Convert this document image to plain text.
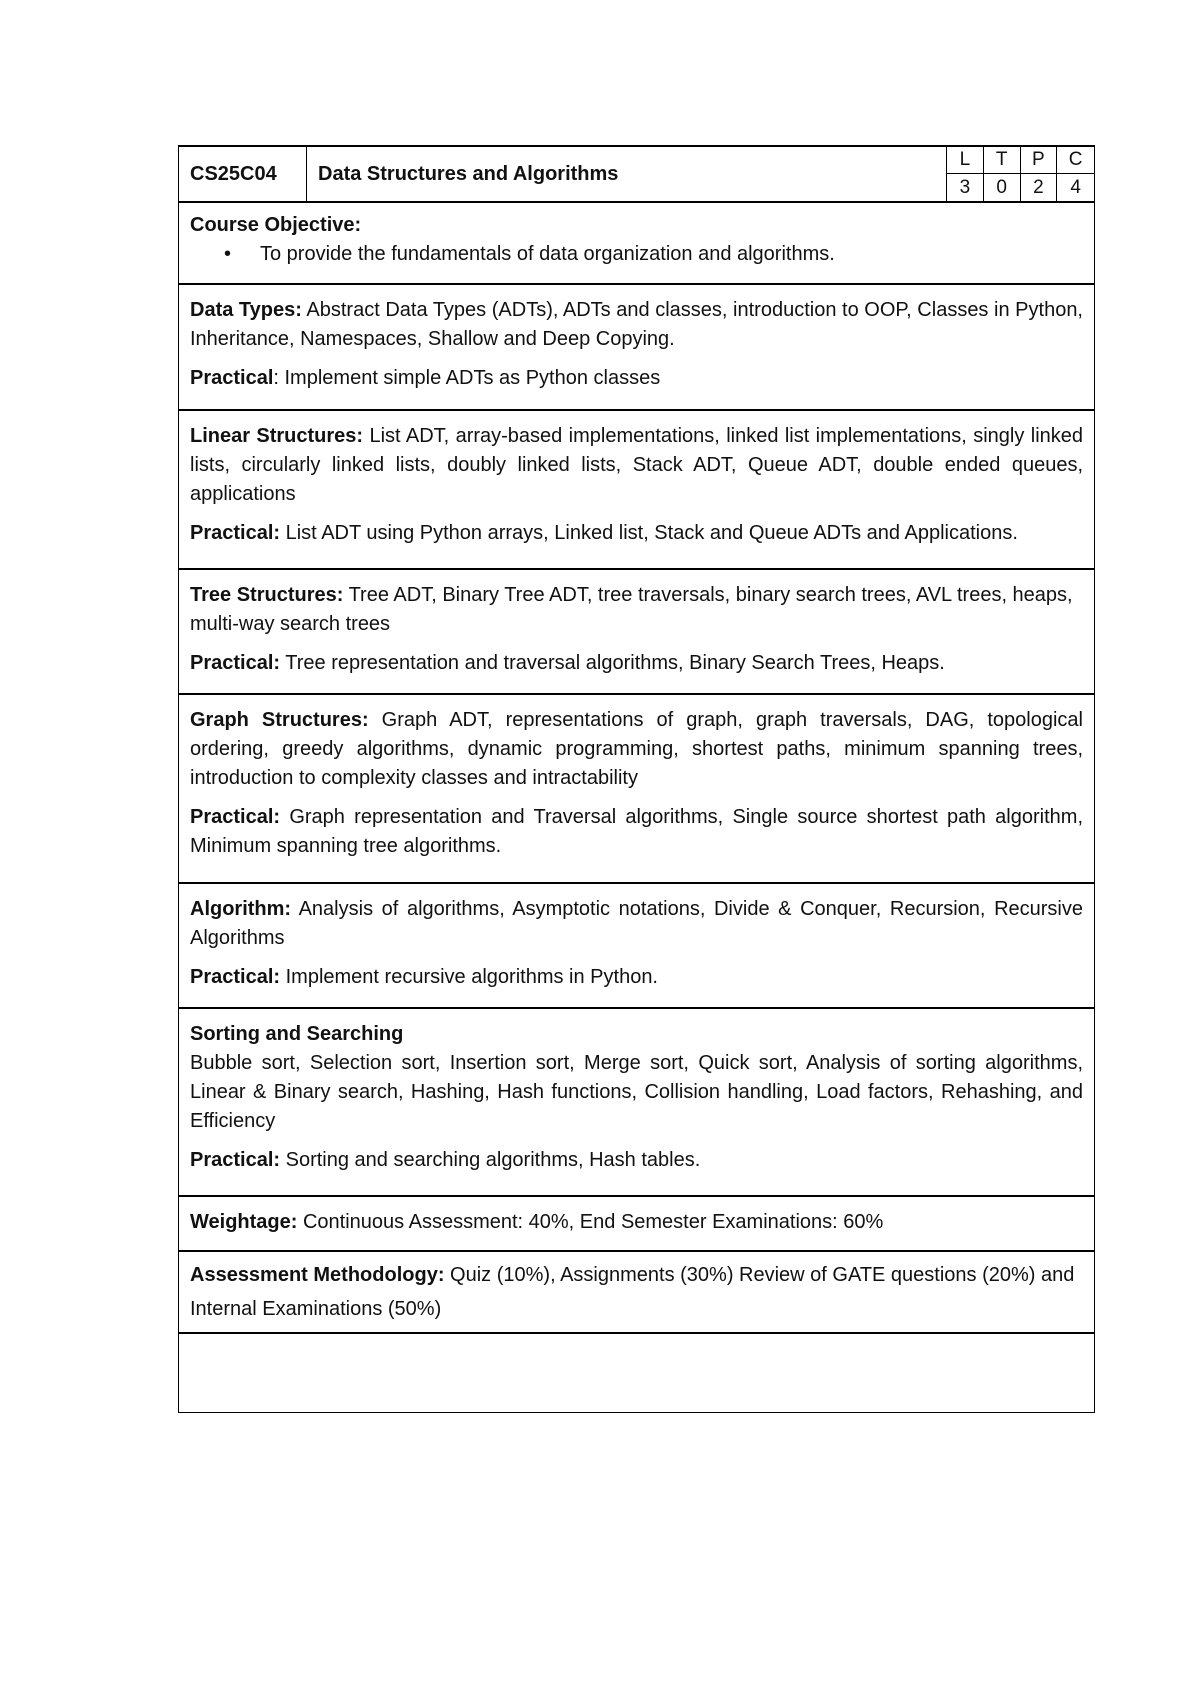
CS25C04	Data Structures and Algorithms
L	T	P	C
3	0	2	4

Course Objective:

•	To provide the fundamentals of data organization and algorithms.

Data Types: Abstract Data Types (ADTs), ADTs and classes, introduction to OOP, Classes in Python, Inheritance, Namespaces, Shallow and Deep Copying.

Practical: Implement simple ADTs as Python classes

Linear Structures: List ADT, array-based implementations, linked list implementations, singly linked lists, circularly linked lists, doubly linked lists, Stack ADT, Queue ADT, double ended queues, applications

Practical: List ADT using Python arrays, Linked list, Stack and Queue ADTs and Applications.

Tree Structures: Tree ADT, Binary Tree ADT, tree traversals, binary search trees, AVL trees, heaps, multi-way search trees

Practical: Tree representation and traversal algorithms, Binary Search Trees, Heaps.

Graph Structures: Graph ADT, representations of graph, graph traversals, DAG, topological ordering, greedy algorithms, dynamic programming, shortest paths, minimum spanning trees, introduction to complexity classes and intractability

Practical: Graph representation and Traversal algorithms, Single source shortest path algorithm, Minimum spanning tree algorithms.

Algorithm: Analysis of algorithms, Asymptotic notations, Divide & Conquer, Recursion, Recursive Algorithms

Practical: Implement recursive algorithms in Python.

Sorting and Searching

Bubble sort, Selection sort, Insertion sort, Merge sort, Quick sort, Analysis of sorting algorithms, Linear & Binary search, Hashing, Hash functions, Collision handling, Load factors, Rehashing, and Efficiency

Practical: Sorting and searching algorithms, Hash tables.

Weightage: Continuous Assessment: 40%, End Semester Examinations: 60%

Assessment Methodology: Quiz (10%), Assignments (30%) Review of GATE questions (20%) and Internal Examinations (50%)
